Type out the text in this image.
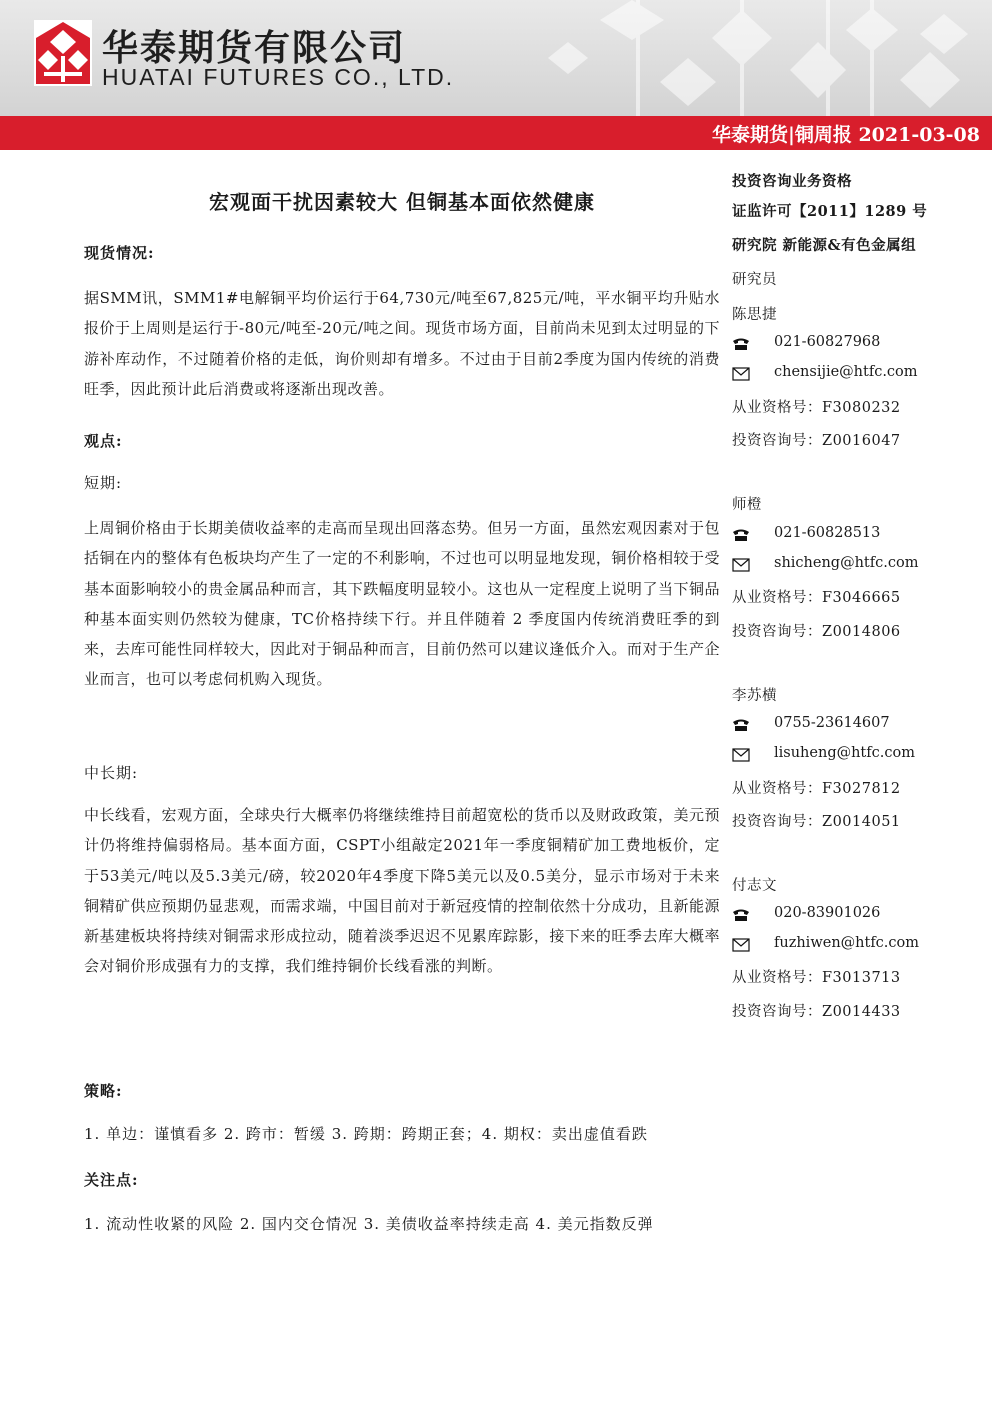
华泰期货有限公司
HUATAI FUTURES CO., LTD.
华泰期货|铜周报 2021-03-08
宏观面干扰因素较大 但铜基本面依然健康
现货情况:
据SMM讯，SMM1#电解铜平均价运行于64,730元/吨至67,825元/吨，平水铜平均升贴水报价于上周则是运行于-80元/吨至-20元/吨之间。现货市场方面，目前尚未见到太过明显的下游补库动作，不过随着价格的走低，询价则却有增多。不过由于目前2季度为国内传统的消费旺季，因此预计此后消费或将逐渐出现改善。
观点:
短期:
上周铜价格由于长期美债收益率的走高而呈现出回落态势。但另一方面，虽然宏观因素对于包括铜在内的整体有色板块均产生了一定的不利影响，不过也可以明显地发现，铜价格相较于受基本面影响较小的贵金属品种而言，其下跌幅度明显较小。这也从一定程度上说明了当下铜品种基本面实则仍然较为健康，TC价格持续下行。并且伴随着 2 季度国内传统消费旺季的到来，去库可能性同样较大，因此对于铜品种而言，目前仍然可以建议逢低介入。而对于生产企业而言，也可以考虑伺机购入现货。
中长期:
中长线看，宏观方面，全球央行大概率仍将继续维持目前超宽松的货币以及财政政策，美元预计仍将维持偏弱格局。基本面方面，CSPT小组敲定2021年一季度铜精矿加工费地板价，定于53美元/吨以及5.3美元/磅，较2020年4季度下降5美元以及0.5美分，显示市场对于未来铜精矿供应预期仍显悲观，而需求端，中国目前对于新冠疫情的控制依然十分成功，且新能源新基建板块将持续对铜需求形成拉动，随着淡季迟迟不见累库踪影，接下来的旺季去库大概率会对铜价形成强有力的支撑，我们维持铜价长线看涨的判断。
策略:
1. 单边：谨慎看多 2. 跨市：暂缓 3. 跨期：跨期正套；4. 期权：卖出虚值看跌
关注点:
1. 流动性收紧的风险 2. 国内交仓情况 3. 美债收益率持续走高 4. 美元指数反弹
投资咨询业务资格
证监许可【2011】1289 号
研究院 新能源&有色金属组
研究员
陈思捷
021-60827968
chensijie@htfc.com
从业资格号：F3080232
投资咨询号：Z0016047
师橙
021-60828513
shicheng@htfc.com
从业资格号：F3046665
投资咨询号：Z0014806
李苏横
0755-23614607
lisuheng@htfc.com
从业资格号：F3027812
投资咨询号：Z0014051
付志文
020-83901026
fuzhiwen@htfc.com
从业资格号：F3013713
投资咨询号：Z0014433
